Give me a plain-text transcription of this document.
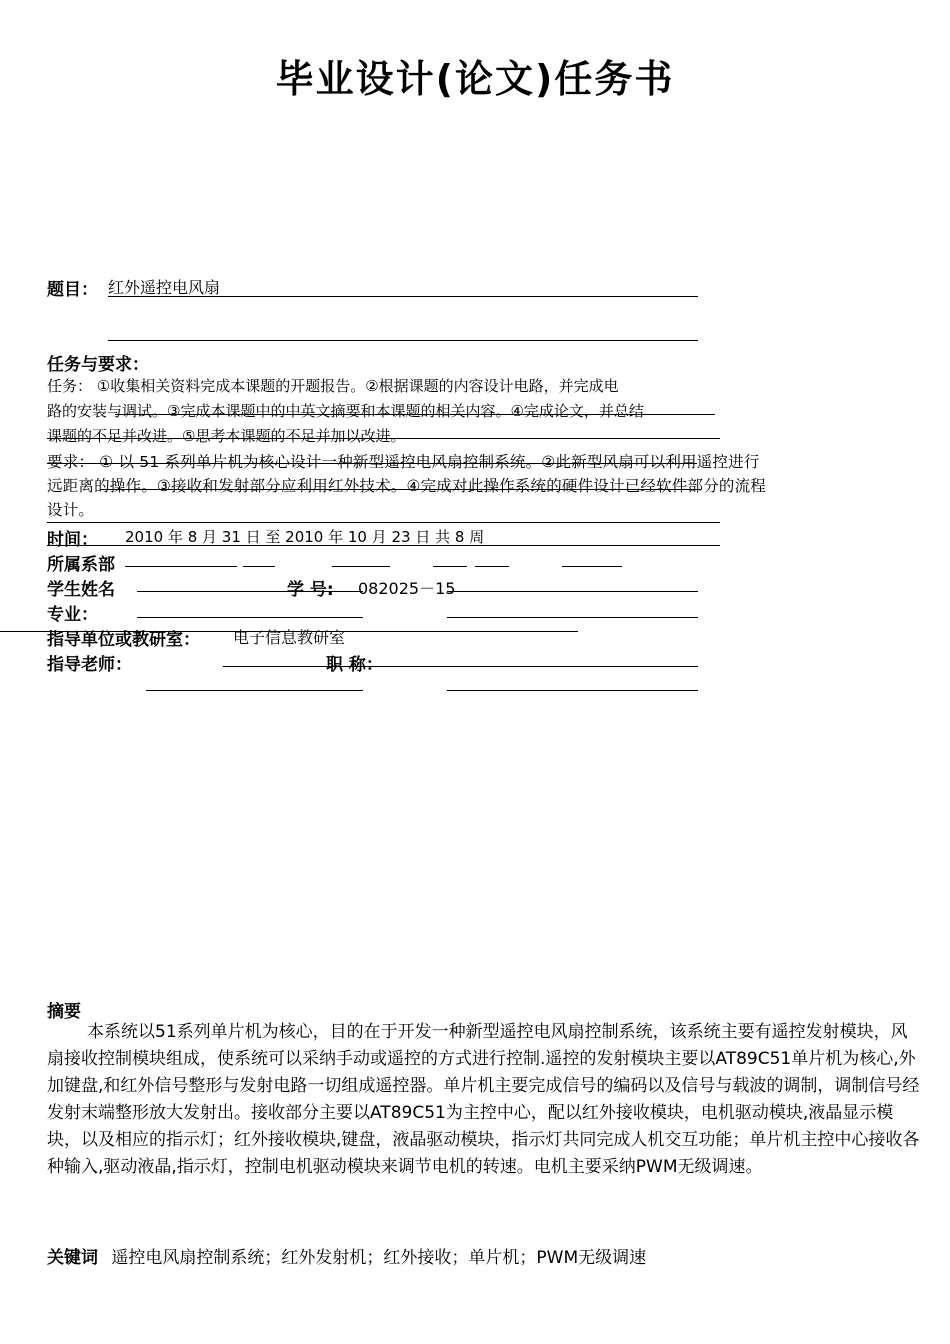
毕业设计(论文)任务书
题目： 红外遥控电风扇
任务与要求：
任务： ①收集相关资料完成本课题的开题报告。②根据课题的内容设计电路，并完成电
路的安装与调试。③完成本课题中的中英文摘要和本课题的相关内容。④完成论文，并总结
课题的不足并改进。⑤思考本课题的不足并加以改进。
要求： ① 以 51 系列单片机为核心设计一种新型遥控电风扇控制系统。②此新型风扇可以利用遥控进行
远距离的操作。③接收和发射部分应利用红外技术。④完成对此操作系统的硬件设计已经软件部分的流程
设计。
时间： 2010 年 8 月 31 日 至 2010 年 10 月 23 日 共 8 周
所属系部
学生姓名	学 号: 082025－15
专业：
指导单位或教研室： 电子信息教研室
指导老师：	职 称：
摘要
本系统以51系列单片机为核心，目的在于开发一种新型遥控电风扇控制系统，该系统主要有遥控发射模块，风扇接收控制模块组成，使系统可以采纳手动或遥控的方式进行控制.遥控的发射模块主要以AT89C51单片机为核心,外加键盘,和红外信号整形与发射电路一切组成遥控器。单片机主要完成信号的编码以及信号与载波的调制，调制信号经发射末端整形放大发射出。接收部分主要以AT89C51为主控中心，配以红外接收模块，电机驱动模块,液晶显示模块，以及相应的指示灯；红外接收模块,键盘，液晶驱动模块，指示灯共同完成人机交互功能；单片机主控中心接收各种输入,驱动液晶,指示灯，控制电机驱动模块来调节电机的转速。电机主要采纳PWM无级调速。
关键词 遥控电风扇控制系统；红外发射机；红外接收；单片机；PWM无级调速
